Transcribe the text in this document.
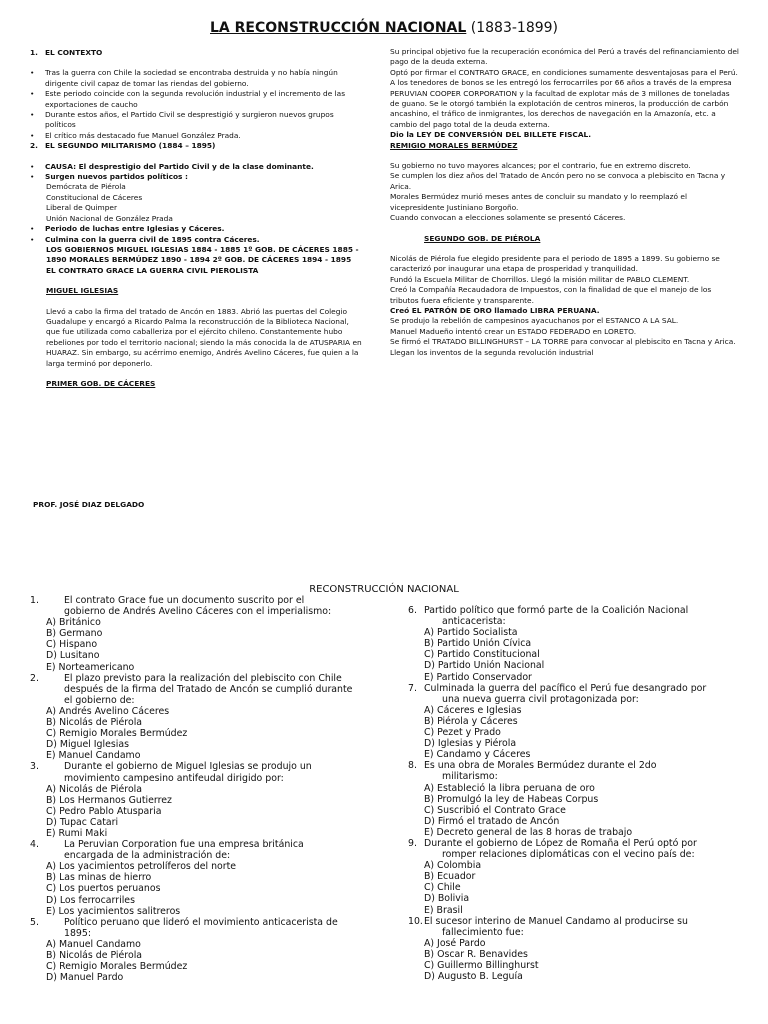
LA RECONSTRUCCIÓN NACIONAL (1883-1899)
1. EL CONTEXTO
•	Tras la guerra con Chile la sociedad se encontraba destruida y no había ningún dirigente civil capaz de tomar las riendas del gobierno.
•	Este periodo coincide con la segunda revolución industrial y el incremento de las exportaciones de caucho
•	Durante estos años, el Partido Civil se desprestigió y surgieron nuevos grupos políticos
•	El crítico más destacado fue Manuel González Prada.
2. EL SEGUNDO MILITARISMO (1884 – 1895)
•	CAUSA: El desprestigio del Partido Civil y de la clase dominante.
•	Surgen nuevos partidos políticos :
Demócrata de Piérola
Constitucional de Cáceres
Liberal de Quimper
Unión Nacional de González Prada
•	Periodo de luchas entre Iglesias y Cáceres.
•	Culmina con la guerra civil de 1895 contra Cáceres.
LOS GOBIERNOS MIGUEL IGLESIAS 1884 - 1885 1º GOB. DE CÁCERES 1885 - 1890 MORALES BERMÚDEZ 1890 - 1894 2º GOB. DE CÁCERES 1894 - 1895 EL CONTRATO GRACE LA GUERRA CIVIL PIEROLISTA
MIGUEL IGLESIAS
Llevó a cabo la firma del tratado de Ancón en 1883. Abrió las puertas del Colegio Guadalupe y encargó a Ricardo Palma la reconstrucción de la Biblioteca Nacional, que fue utilizada como caballeriza por el ejército chileno. Constantemente hubo rebeliones por todo el territorio nacional; siendo la más conocida la de ATUSPARIA en HUARAZ. Sin embargo, su acérrimo enemigo, Andrés Avelino Cáceres, fue quien a la larga terminó por deponerlo.
PRIMER GOB. DE CÁCERES
Su principal objetivo fue la recuperación económica del Perú a través del refinanciamiento del pago de la deuda externa.
Optó por firmar el CONTRATO GRACE, en condiciones sumamente desventajosas para el Perú. A los tenedores de bonos se les entregó los ferrocarriles por 66 años a través de la empresa PERUVIAN COOPER CORPORATION y la facultad de explotar más de 3 millones de toneladas de guano. Se le otorgó también la explotación de centros mineros, la producción de carbón ancashino, el tráfico de inmigrantes, los derechos de navegación en la Amazonía, etc. a cambio del pago total de la deuda externa.
Dio la LEY DE CONVERSIÓN DEL BILLETE FISCAL.
REMIGIO MORALES BERMÚDEZ
Su gobierno no tuvo mayores alcances; por el contrario, fue en extremo discreto.
Se cumplen los diez años del Tratado de Ancón pero no se convoca a plebiscito en Tacna y Arica.
Morales Bermúdez murió meses antes de concluir su mandato y lo reemplazó el vicepresidente Justiniano Borgoño.
Cuando convocan a elecciones solamente se presentó Cáceres.
SEGUNDO GOB. DE PIÉROLA
Nicolás de Piérola fue elegido presidente para el periodo de 1895 a 1899. Su gobierno se caracterizó por inaugurar una etapa de prosperidad y tranquilidad.
Fundó la Escuela Militar de Chorrillos. Llegó la misión militar de PABLO CLEMENT.
Creó la Compañía Recaudadora de Impuestos, con la finalidad de que el manejo de los tributos fuera eficiente y transparente.
Creó EL PATRÓN DE ORO llamado LIBRA PERUANA.
Se produjo la rebelión de campesinos ayacuchanos por el ESTANCO A LA SAL.
Manuel Madueño intentó crear un ESTADO FEDERADO en LORETO.
Se firmó el TRATADO BILLINGHURST – LA TORRE para convocar al plebiscito en Tacna y Arica.
Llegan los inventos de la segunda revolución industrial
PROF. JOSÉ DIAZ DELGADO
RECONSTRUCCIÓN NACIONAL
1.	El contrato Grace fue un documento suscrito por el
gobierno de Andrés Avelino Cáceres con el imperialismo:
A) Británico
B) Germano
C) Hispano
D) Lusitano
E) Norteamericano
2.	El plazo previsto para la realización del plebiscito con Chile
después de la firma del Tratado de Ancón se cumplió durante el gobierno de:
A) Andrés Avelino Cáceres
B) Nicolás de Piérola
C) Remigio Morales Bermúdez
D) Miguel Iglesias
E) Manuel Candamo
3.	Durante el gobierno de Miguel Iglesias se produjo un
movimiento campesino antifeudal dirigido por:
A) Nicolás de Piérola
B) Los Hermanos Gutierrez
C) Pedro Pablo Atusparia
D) Tupac Catari
E) Rumi Maki
4.	La Peruvian Corporation fue una empresa británica
encargada de la administración de:
A) Los yacimientos petrolíferos del norte
B) Las minas de hierro
C) Los puertos peruanos
D) Los ferrocarriles
E) Los yacimientos salitreros
5.	Político peruano que lideró el movimiento anticacerista de
1895:
A) Manuel Candamo
B) Nicolás de Piérola
C) Remigio Morales Bermúdez
D) Manuel Pardo
6. Partido político que formó parte de la Coalición Nacional
anticacerista:
A) Partido Socialista
B) Partido Unión Cívica
C) Partido Constitucional
D) Partido Unión Nacional
E) Partido Conservador
7. Culminada la guerra del pacífico el Perú fue desangrado por
una nueva guerra civil protagonizada por:
A) Cáceres e Iglesias
B) Piérola y Cáceres
C) Pezet y Prado
D) Iglesias y Piérola
E) Candamo y Cáceres
8. Es una obra de Morales Bermúdez durante el 2do
militarismo:
A) Estableció la libra peruana de oro
B) Promulgó la ley de Habeas Corpus
C) Suscribió el Contrato Grace
D) Firmó el tratado de Ancón
E) Decreto general de las 8 horas de trabajo
9. Durante el gobierno de López de Romaña el Perú optó por
romper relaciones diplomáticas con el vecino país de:
A) Colombia
B) Ecuador
C) Chile
D) Bolivia
E) Brasil
10. El sucesor interino de Manuel Candamo al producirse su
fallecimiento fue:
A) José Pardo
B) Oscar R. Benavides
C) Guillermo Billinghurst
D) Augusto B. Leguía
